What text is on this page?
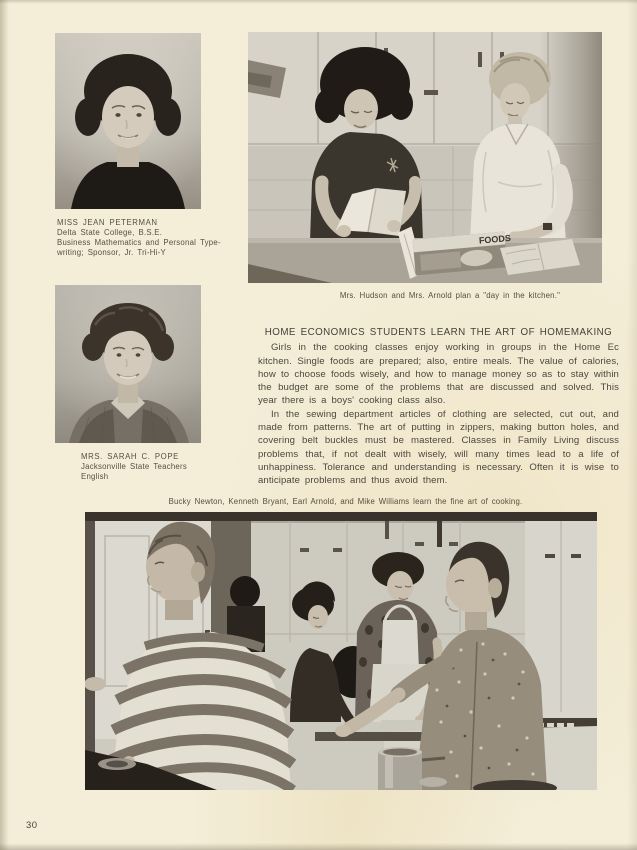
MISS JEAN PETERMAN
Delta State College, B.S.E.
Business Mathematics and Personal Type-
writing; Sponsor, Jr. Tri-Hi-Y
FOODS
Mrs. Hudson and Mrs. Arnold plan a "day in the kitchen."
MRS. SARAH C. POPE
Jacksonville State Teachers
English
HOME ECONOMICS STUDENTS LEARN THE ART OF HOMEMAKING

Girls in the cooking classes enjoy working in groups in the Home Ec kitchen. Single foods are prepared; also, entire meals. The value of calories, how to choose foods wisely, and how to manage money so as to stay within the budget are some of the problems that are discussed and solved. This year there is a boys' cooking class also.

In the sewing department articles of clothing are selected, cut out, and made from patterns. The art of putting in zippers, making button holes, and covering belt buckles must be mastered. Classes in Family Living discuss problems that, if not dealt with wisely, will many times lead to a life of unhappiness. Tolerance and understanding is necessary. Often it is wise to anticipate problems and thus avoid them.

Bucky Newton, Kenneth Bryant, Earl Arnold, and Mike Williams learn the fine art of cooking.
30
